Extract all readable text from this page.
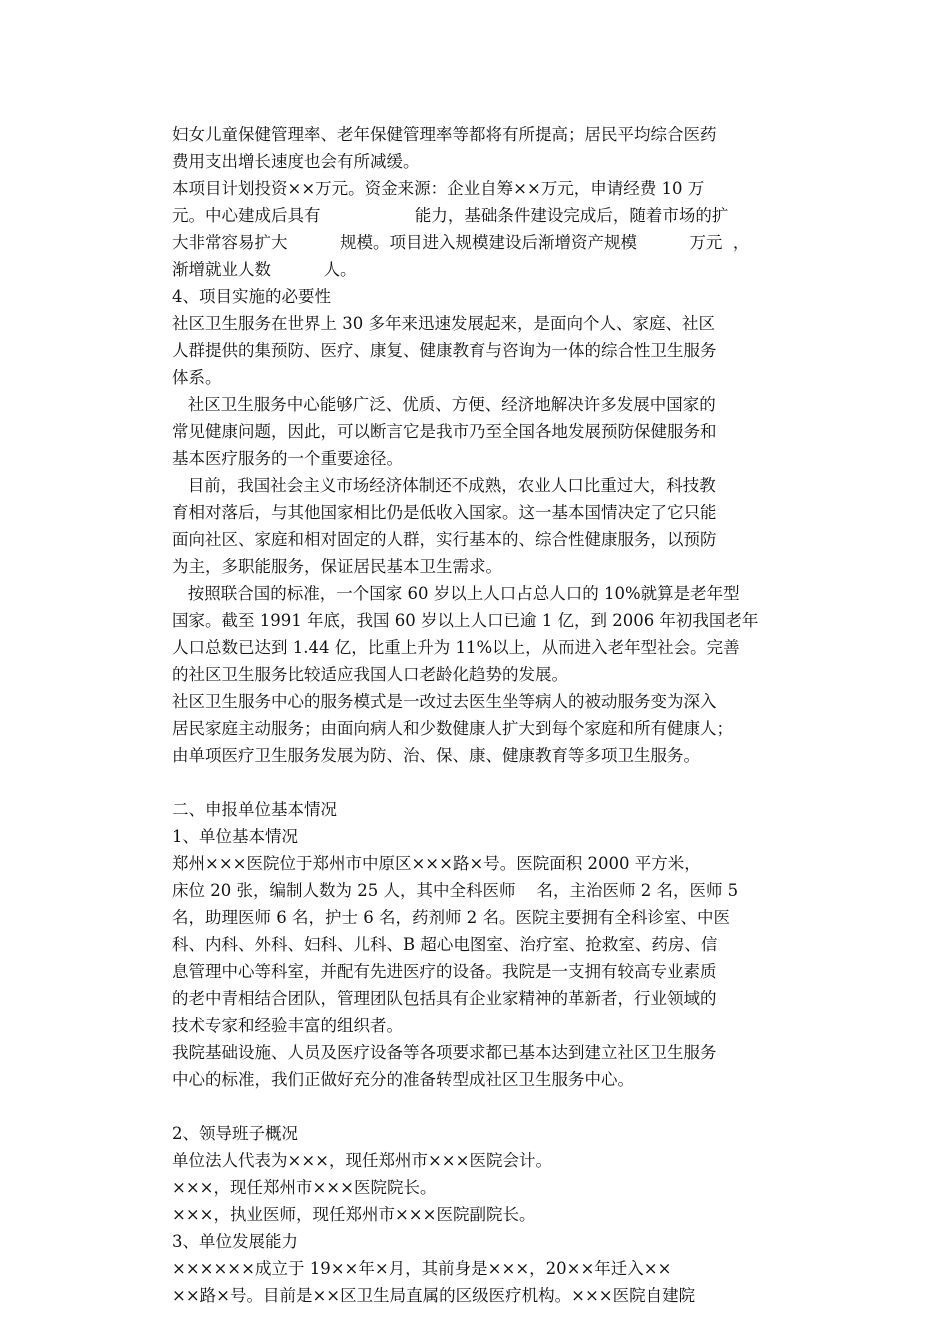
妇女儿童保健管理率、老年保健管理率等都将有所提高；居民平均综合医药
费用支出增长速度也会有所减缓。
本项目计划投资××万元。资金来源：企业自筹××万元，申请经费 10 万
元。中心建成后具有                  能力，基础条件建设完成后，随着市场的扩
大非常容易扩大          规模。项目进入规模建设后渐增资产规模          万元  ，
渐增就业人数          人。
4、项目实施的必要性
社区卫生服务在世界上 30 多年来迅速发展起来，是面向个人、家庭、社区
人群提供的集预防、医疗、康复、健康教育与咨询为一体的综合性卫生服务
体系。
社区卫生服务中心能够广泛、优质、方便、经济地解决许多发展中国家的
常见健康问题，因此，可以断言它是我市乃至全国各地发展预防保健服务和
基本医疗服务的一个重要途径。
目前，我国社会主义市场经济体制还不成熟，农业人口比重过大，科技教
育相对落后，与其他国家相比仍是低收入国家。这一基本国情决定了它只能
面向社区、家庭和相对固定的人群，实行基本的、综合性健康服务，以预防
为主，多职能服务，保证居民基本卫生需求。
按照联合国的标准，一个国家 60 岁以上人口占总人口的 10%就算是老年型
国家。截至 1991 年底，我国 60 岁以上人口已逾 1 亿，到 2006 年初我国老年
人口总数已达到 1.44 亿，比重上升为 11%以上，从而进入老年型社会。完善
的社区卫生服务比较适应我国人口老龄化趋势的发展。
社区卫生服务中心的服务模式是一改过去医生坐等病人的被动服务变为深入
居民家庭主动服务；由面向病人和少数健康人扩大到每个家庭和所有健康人；
由单项医疗卫生服务发展为防、治、保、康、健康教育等多项卫生服务。
二、申报单位基本情况
1、单位基本情况
郑州×××医院位于郑州市中原区×××路×号。医院面积 2000 平方米，
床位 20 张，编制人数为 25 人，其中全科医师    名，主治医师 2 名，医师 5
名，助理医师 6 名，护士 6 名，药剂师 2 名。医院主要拥有全科诊室、中医
科、内科、外科、妇科、儿科、B 超心电图室、治疗室、抢救室、药房、信
息管理中心等科室，并配有先进医疗的设备。我院是一支拥有较高专业素质
的老中青相结合团队，管理团队包括具有企业家精神的革新者，行业领域的
技术专家和经验丰富的组织者。
我院基础设施、人员及医疗设备等各项要求都已基本达到建立社区卫生服务
中心的标准，我们正做好充分的准备转型成社区卫生服务中心。
2、领导班子概况
单位法人代表为×××，现任郑州市×××医院会计。
×××，现任郑州市×××医院院长。
×××，执业医师，现任郑州市×××医院副院长。
3、单位发展能力
××××××成立于 19××年×月，其前身是×××，20××年迁入××
××路×号。目前是××区卫生局直属的区级医疗机构。×××医院自建院
